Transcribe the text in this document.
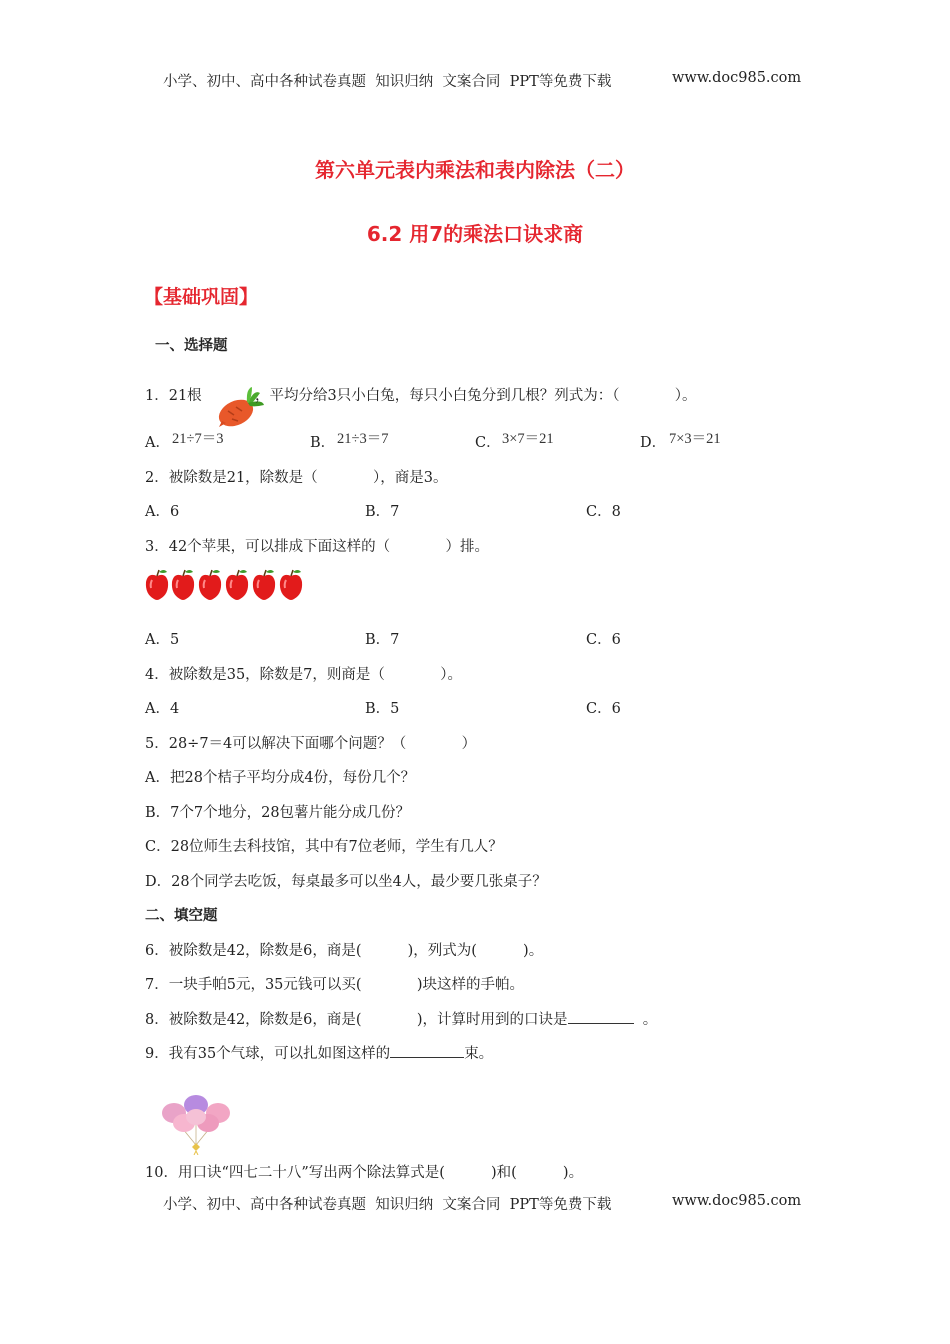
小学、初中、高中各种试卷真题  知识归纳  文案合同  PPT等免费下载	www.doc985.com
第六单元表内乘法和表内除法（二）
6.2 用7的乘法口诀求商
【基础巩固】
一、选择题
1．21根

	，平均分给3只小白兔，每只小白兔分到几根？列式为：（            ）。
A． 21÷7＝3	B． 21÷3＝7	C． 3×7＝21	D． 7×3＝21
2．被除数是21，除数是（            ），商是3。
A．6	B．7	C．8
3．42个苹果，可以排成下面这样的（            ）排。
A．5	B．7	C．6
4．被除数是35，除数是7，则商是（            ）。
A．4	B．5	C．6
5．28÷7＝4可以解决下面哪个问题？（            ）
A．把28个桔子平均分成4份，每份几个？
B．7个7个地分，28包薯片能分成几份？
C．28位师生去科技馆，其中有7位老师，学生有几人？
D．28个同学去吃饭，每桌最多可以坐4人，最少要几张桌子？
二、填空题
6．被除数是42，除数是6，商是(          )，列式为(          )。
7．一块手帕5元，35元钱可以买(            )块这样的手帕。
8．被除数是42，除数是6，商是(            )，计算时用到的口诀是	。
9．我有35个气球，可以扎如图这样的	束。

10．用口诀“四七二十八”写出两个除法算式是(          )和(          )。
小学、初中、高中各种试卷真题  知识归纳  文案合同  PPT等免费下载	www.doc985.com
